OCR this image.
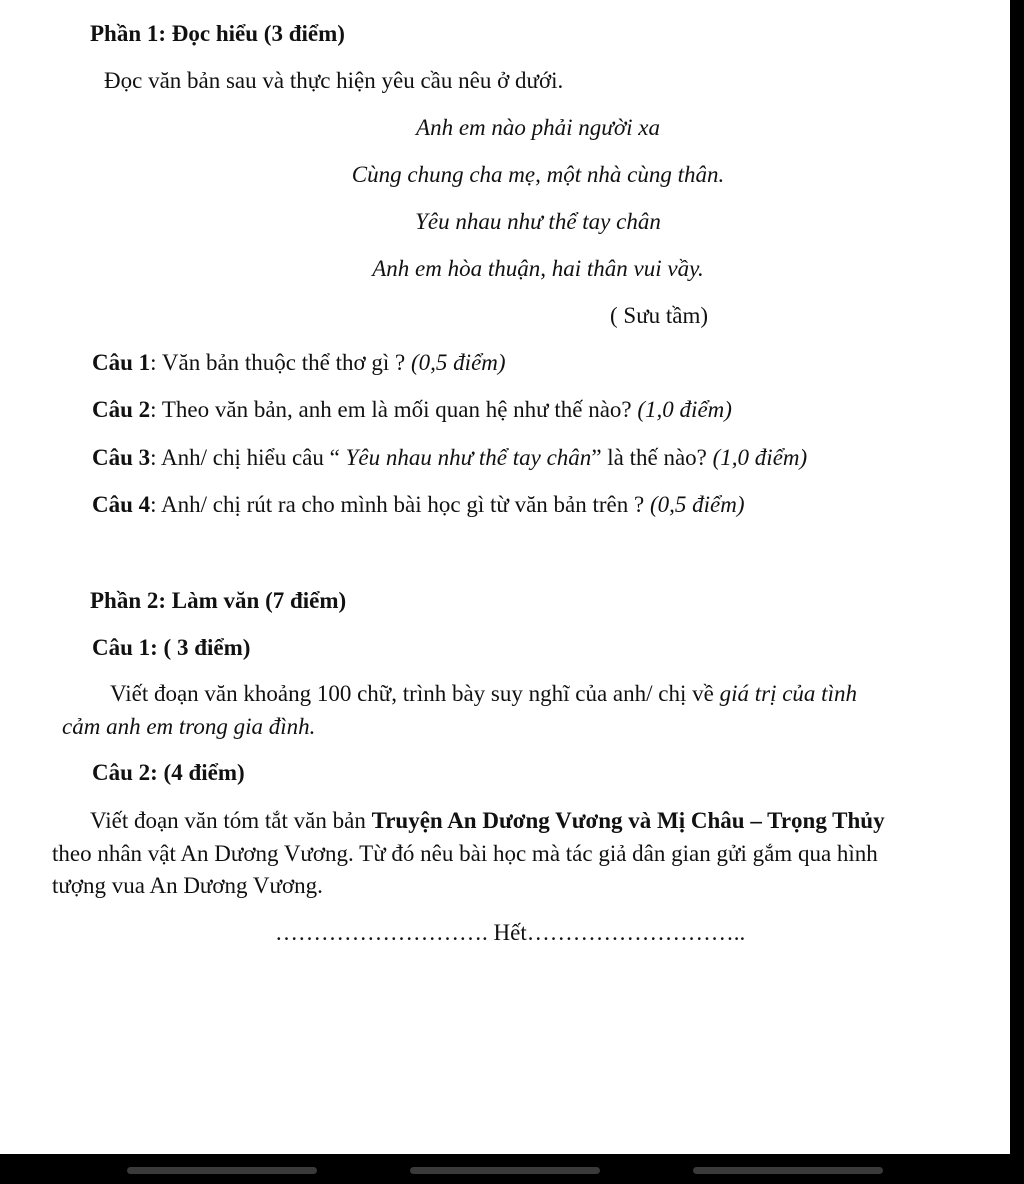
Phần 1: Đọc hiểu (3 điểm)
Đọc văn bản sau và thực hiện yêu cầu nêu ở dưới.
Anh em nào phải người xa
Cùng chung cha mẹ, một nhà cùng thân.
Yêu nhau như thể tay chân
Anh em hòa thuận, hai thân vui vầy.
( Sưu tầm)
Câu 1: Văn bản thuộc thể thơ gì ? (0,5 điểm)
Câu 2: Theo văn bản, anh em là mối quan hệ như thế nào? (1,0 điểm)
Câu 3: Anh/ chị hiểu câu “ Yêu nhau như thể tay chân” là thế nào? (1,0 điểm)
Câu 4: Anh/ chị rút ra cho mình bài học gì từ văn bản trên ? (0,5 điểm)
Phần 2: Làm văn (7 điểm)
Câu 1: ( 3 điểm)
Viết đoạn văn khoảng 100 chữ, trình bày suy nghĩ của anh/ chị về giá trị của tình
cảm anh em trong gia đình.
Câu 2: (4 điểm)
Viết đoạn văn tóm tắt văn bản Truyện An Dương Vương và Mị Châu – Trọng Thủy
theo nhân vật An Dương Vương. Từ đó nêu bài học mà tác giả dân gian gửi gắm qua hình
tượng vua An Dương Vương.
………………………. Hết………………………..
